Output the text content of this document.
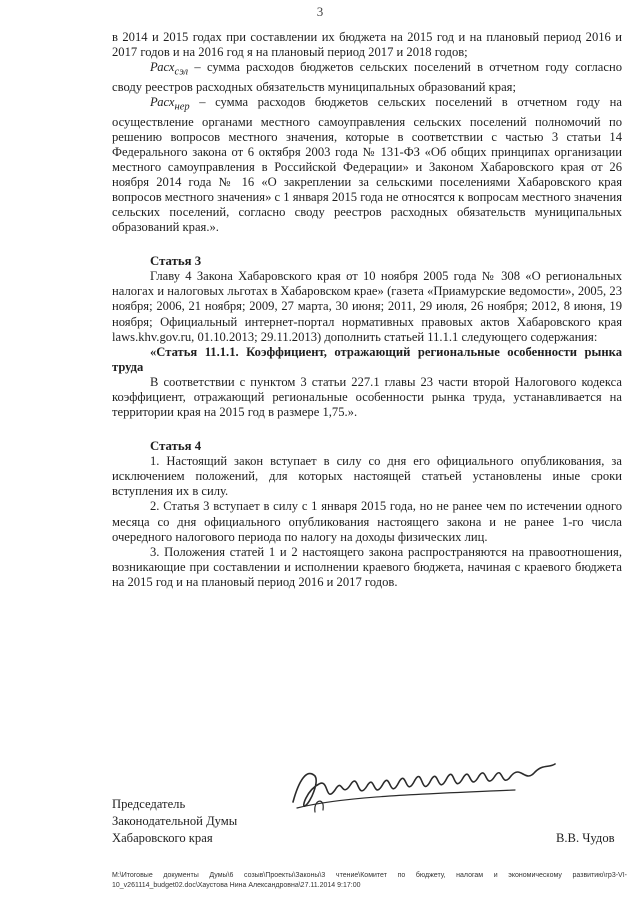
3

в 2014 и 2015 годах при составлении их бюджета на 2015 год и на плановый период 2016 и 2017 годов и на 2016 год я на плановый период 2017 и 2018 годов;

Расх$_{сэл}$ – сумма расходов бюджетов сельских поселений в отчетном году согласно своду реестров расходных обязательств муниципальных образований края;

Расх$_{нер}$ – сумма расходов бюджетов сельских поселений в отчетном году на осуществление органами местного самоуправления сельских поселений полномочий по решению вопросов местного значения, которые в соответствии с частью 3 статьи 14 Федерального закона от 6 октября 2003 года № 131-ФЗ «Об общих принципах организации местного самоуправления в Российской Федерации» и Законом Хабаровского края от 26 ноября 2014 года № 16 «О закреплении за сельскими поселениями Хабаровского края вопросов местного значения» с 1 января 2015 года не относятся к вопросам местного значения сельских поселений, согласно своду реестров расходных обязательств муниципальных образований края.».

Статья 3

Главу 4 Закона Хабаровского края от 10 ноября 2005 года № 308 «О региональных налогах и налоговых льготах в Хабаровском крае» (газета «Приамурские ведомости», 2005, 23 ноября; 2006, 21 ноября; 2009, 27 марта, 30 июня; 2011, 29 июля, 26 ноября; 2012, 8 июня, 19 ноября; Официальный интернет-портал нормативных правовых актов Хабаровского края laws.khv.gov.ru, 01.10.2013; 29.11.2013) дополнить статьей 11.1.1 следующего содержания:

«Статья 11.1.1. Коэффициент, отражающий региональные особенности рынка труда

В соответствии с пунктом 3 статьи 227.1 главы 23 части второй Налогового кодекса коэффициент, отражающий региональные особенности рынка труда, устанавливается на территории края на 2015 год в размере 1,75.».

Статья 4

1. Настоящий закон вступает в силу со дня его официального опубликования, за исключением положений, для которых настоящей статьей установлены иные сроки вступления их в силу.

2. Статья 3 вступает в силу с 1 января 2015 года, но не ранее чем по истечении одного месяца со дня официального опубликования настоящего закона и не ранее 1-го числа очередного налогового периода по налогу на доходы физических лиц.

3. Положения статей 1 и 2 настоящего закона распространяются на правоотношения, возникающие при составлении и исполнении краевого бюджета, начиная с краевого бюджета на 2015 год и на плановый период 2016 и 2017 годов.

Председатель
Законодательной Думы
Хабаровского края	В.В. Чудов
M:\Итоговые документы Думы\6 созыв\Проекты\Законы\3 чтение\Комитет по бюджету, налогам и экономическому развитию\гр3-VI-10_v261114_budget02.doc\Хаустова Нина Александровна\27.11.2014 9:17:00
